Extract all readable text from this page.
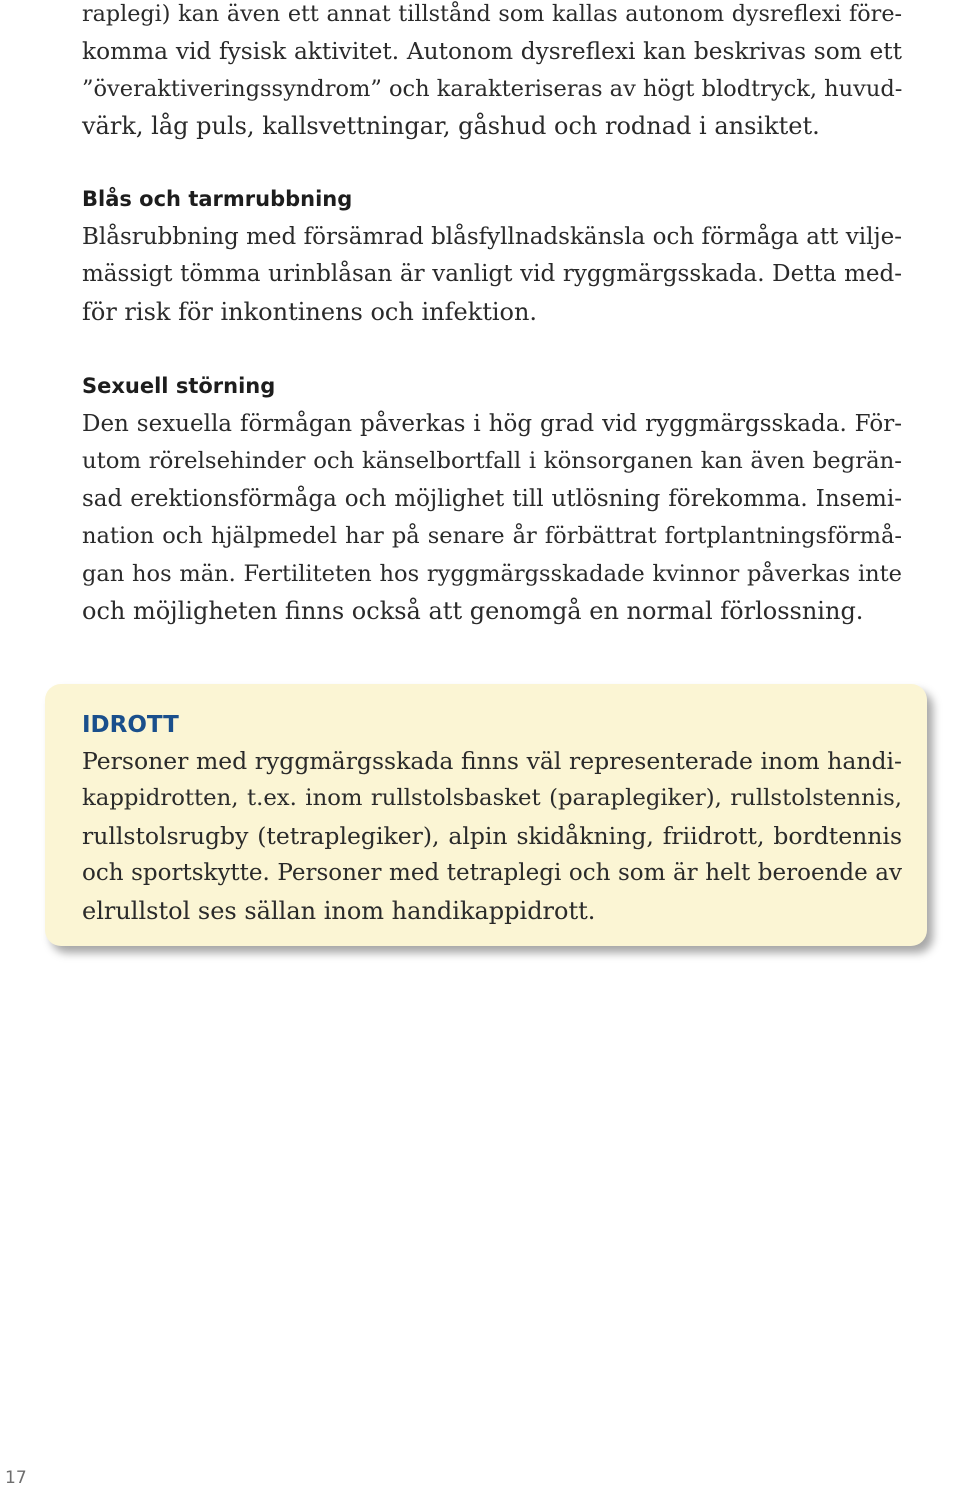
raplegi) kan även ett annat tillstånd som kallas autonom dysreflexi före-
komma vid fysisk aktivitet. Autonom dysreflexi kan beskrivas som ett
”överaktiveringssyndrom” och karakteriseras av högt blodtryck, huvud-
värk, låg puls, kallsvettningar, gåshud och rodnad i ansiktet.
Blås och tarmrubbning
Blåsrubbning med försämrad blåsfyllnadskänsla och förmåga att vilje-
mässigt tömma urinblåsan är vanligt vid ryggmärgsskada. Detta med-
för risk för inkontinens och infektion.
Sexuell störning
Den sexuella förmågan påverkas i hög grad vid ryggmärgsskada. För-
utom rörelsehinder och känselbortfall i könsorganen kan även begrän-
sad erektionsförmåga och möjlighet till utlösning förekomma. Insemi-
nation och hjälpmedel har på senare år förbättrat fortplantningsförmå-
gan hos män. Fertiliteten hos ryggmärgsskadade kvinnor påverkas inte
och möjligheten finns också att genomgå en normal förlossning.
IDROTT
Personer med ryggmärgsskada finns väl representerade inom handi-
kappidrotten, t.ex. inom rullstolsbasket (paraplegiker), rullstolstennis,
rullstolsrugby (tetraplegiker), alpin skidåkning, friidrott, bordtennis
och sportskytte. Personer med tetraplegi och som är helt beroende av
elrullstol ses sällan inom handikappidrott.
17
